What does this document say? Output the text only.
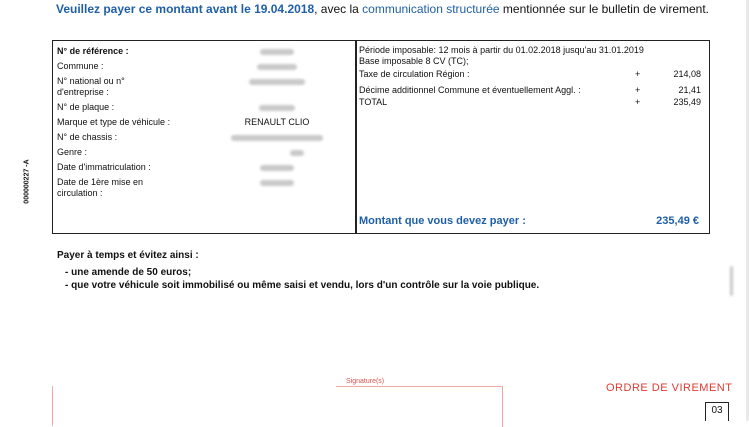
Veuillez payer ce montant avant le 19.04.2018, avec la communication structurée mentionnée sur le bulletin de virement.
000000227 -A
N° de référence :
Commune :
N° national ou n° d'entreprise :
N° de plaque :
Marque et type de véhicule :	RENAULT CLIO
N° de chassis :
Genre :
Date d'immatriculation :
Date de 1ère mise en circulation :
Période imposable: 12 mois à partir du 01.02.2018 jusqu'au 31.01.2019
Base imposable 8 CV (TC);
Taxe de circulation Région :	+	214,08
Décime additionnel Commune et éventuellement Aggl. :	+	21,41
TOTAL	+	235,49
Montant que vous devez payer :	235,49 €
Payer à temps et évitez ainsi :
- une amende de 50 euros;
- que votre véhicule soit immobilisé ou même saisi et vendu, lors d'un contrôle sur la voie publique.
Signature(s)
ORDRE DE VIREMENT
03
